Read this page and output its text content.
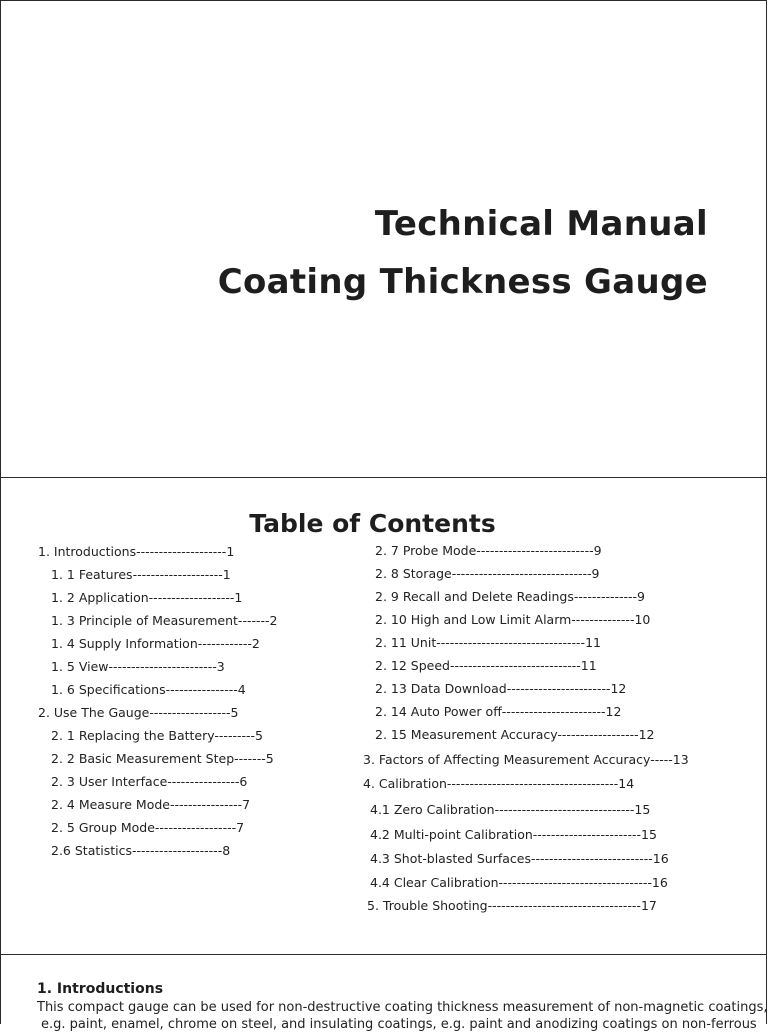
Technical Manual
Coating Thickness Gauge
Table of Contents
1. Introductions--------------------1
1. 1 Features--------------------1
1. 2 Application-------------------1
1. 3 Principle of Measurement-------2
1. 4 Supply Information------------2
1. 5 View------------------------3
1. 6 Specifications----------------4
2. Use The Gauge------------------5
2. 1 Replacing the Battery---------5
2. 2 Basic Measurement Step-------5
2. 3 User Interface----------------6
2. 4 Measure Mode----------------7
2. 5 Group Mode------------------7
2.6 Statistics--------------------8
2. 7 Probe Mode--------------------------9
2. 8 Storage-------------------------------9
2. 9 Recall and Delete Readings--------------9
2. 10 High and Low Limit Alarm--------------10
2. 11 Unit---------------------------------11
2. 12 Speed-----------------------------11
2. 13 Data Download-----------------------12
2. 14 Auto Power off-----------------------12
2. 15 Measurement Accuracy------------------12
3. Factors of Affecting Measurement Accuracy-----13
4. Calibration--------------------------------------14
4.1 Zero Calibration-------------------------------15
4.2 Multi-point Calibration------------------------15
4.3 Shot-blasted Surfaces---------------------------16
4.4 Clear Calibration----------------------------------16
5. Trouble Shooting----------------------------------17
1. Introductions
This compact gauge can be used for non-destructive coating thickness measurement of non-magnetic coatings,
e.g. paint, enamel, chrome on steel, and insulating coatings, e.g. paint and anodizing coatings on non-ferrous
